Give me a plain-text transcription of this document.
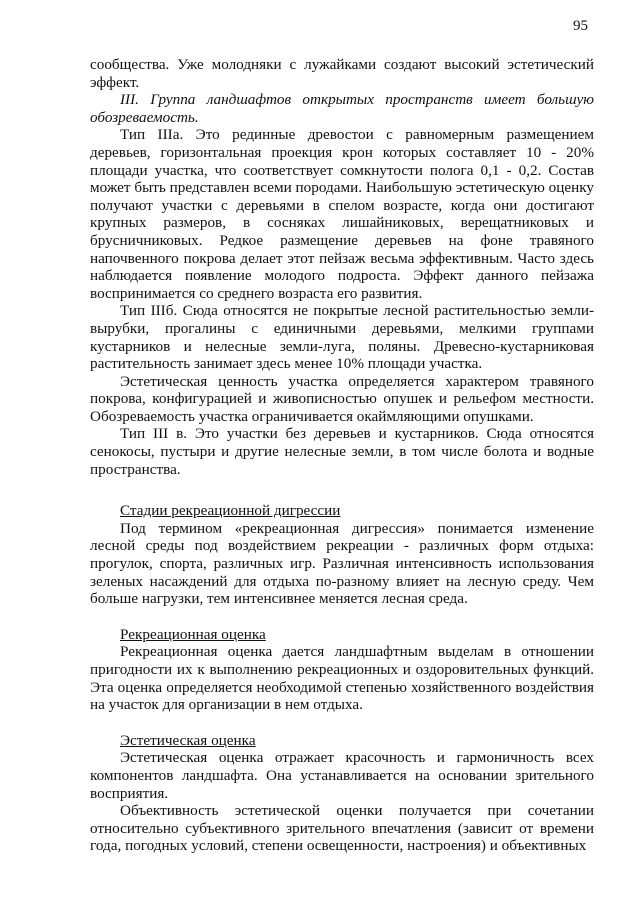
95

сообщества. Уже молодняки с лужайками создают высокий эстетический эффект.

III. Группа ландшафтов открытых пространств имеет большую обозреваемость.

Тип IIIа. Это рединные древостои с равномерным размещением деревьев, горизонтальная проекция крон которых составляет 10 - 20% площади участка, что соответствует сомкнутости полога 0,1 - 0,2. Состав может быть представлен всеми породами. Наибольшую эстетическую оценку получают участки с деревьями в спелом возрасте, когда они достигают крупных размеров, в сосняках лишайниковых, верещатниковых и брусничниковых. Редкое размещение деревьев на фоне травяного напочвенного покрова делает этот пейзаж весьма эффективным. Часто здесь наблюдается появление молодого подроста. Эффект данного пейзажа воспринимается со среднего возраста его развития.

Тип IIIб. Сюда относятся не покрытые лесной растительностью земли-вырубки, прогалины с единичными деревьями, мелкими группами кустарников и нелесные земли-луга, поляны. Древесно-кустарниковая растительность занимает здесь менее 10% площади участка.

Эстетическая ценность участка определяется характером травяного покрова, конфигурацией и живописностью опушек и рельефом местности. Обозреваемость участка ограничивается окаймляющими опушками.

Тип III в. Это участки без деревьев и кустарников. Сюда относятся сенокосы, пустыри и другие нелесные земли, в том числе болота и водные пространства.

Стадии рекреационной дигрессии

Под термином «рекреационная дигрессия» понимается изменение лесной среды под воздействием рекреации - различных форм отдыха: прогулок, спорта, различных игр. Различная интенсивность использования зеленых насаждений для отдыха по-разному влияет на лесную среду. Чем больше нагрузки, тем интенсивнее меняется лесная среда.

Рекреационная оценка

Рекреационная оценка дается ландшафтным выделам в отношении пригодности их к выполнению рекреационных и оздоровительных функций. Эта оценка определяется необходимой степенью хозяйственного воздействия на участок для организации в нем отдыха.

Эстетическая оценка

Эстетическая оценка отражает красочность и гармоничность всех компонентов ландшафта. Она устанавливается на основании зрительного восприятия.

Объективность эстетической оценки получается при сочетании относительно субъективного зрительного впечатления (зависит от времени года, погодных условий, степени освещенности, настроения) и объективных
